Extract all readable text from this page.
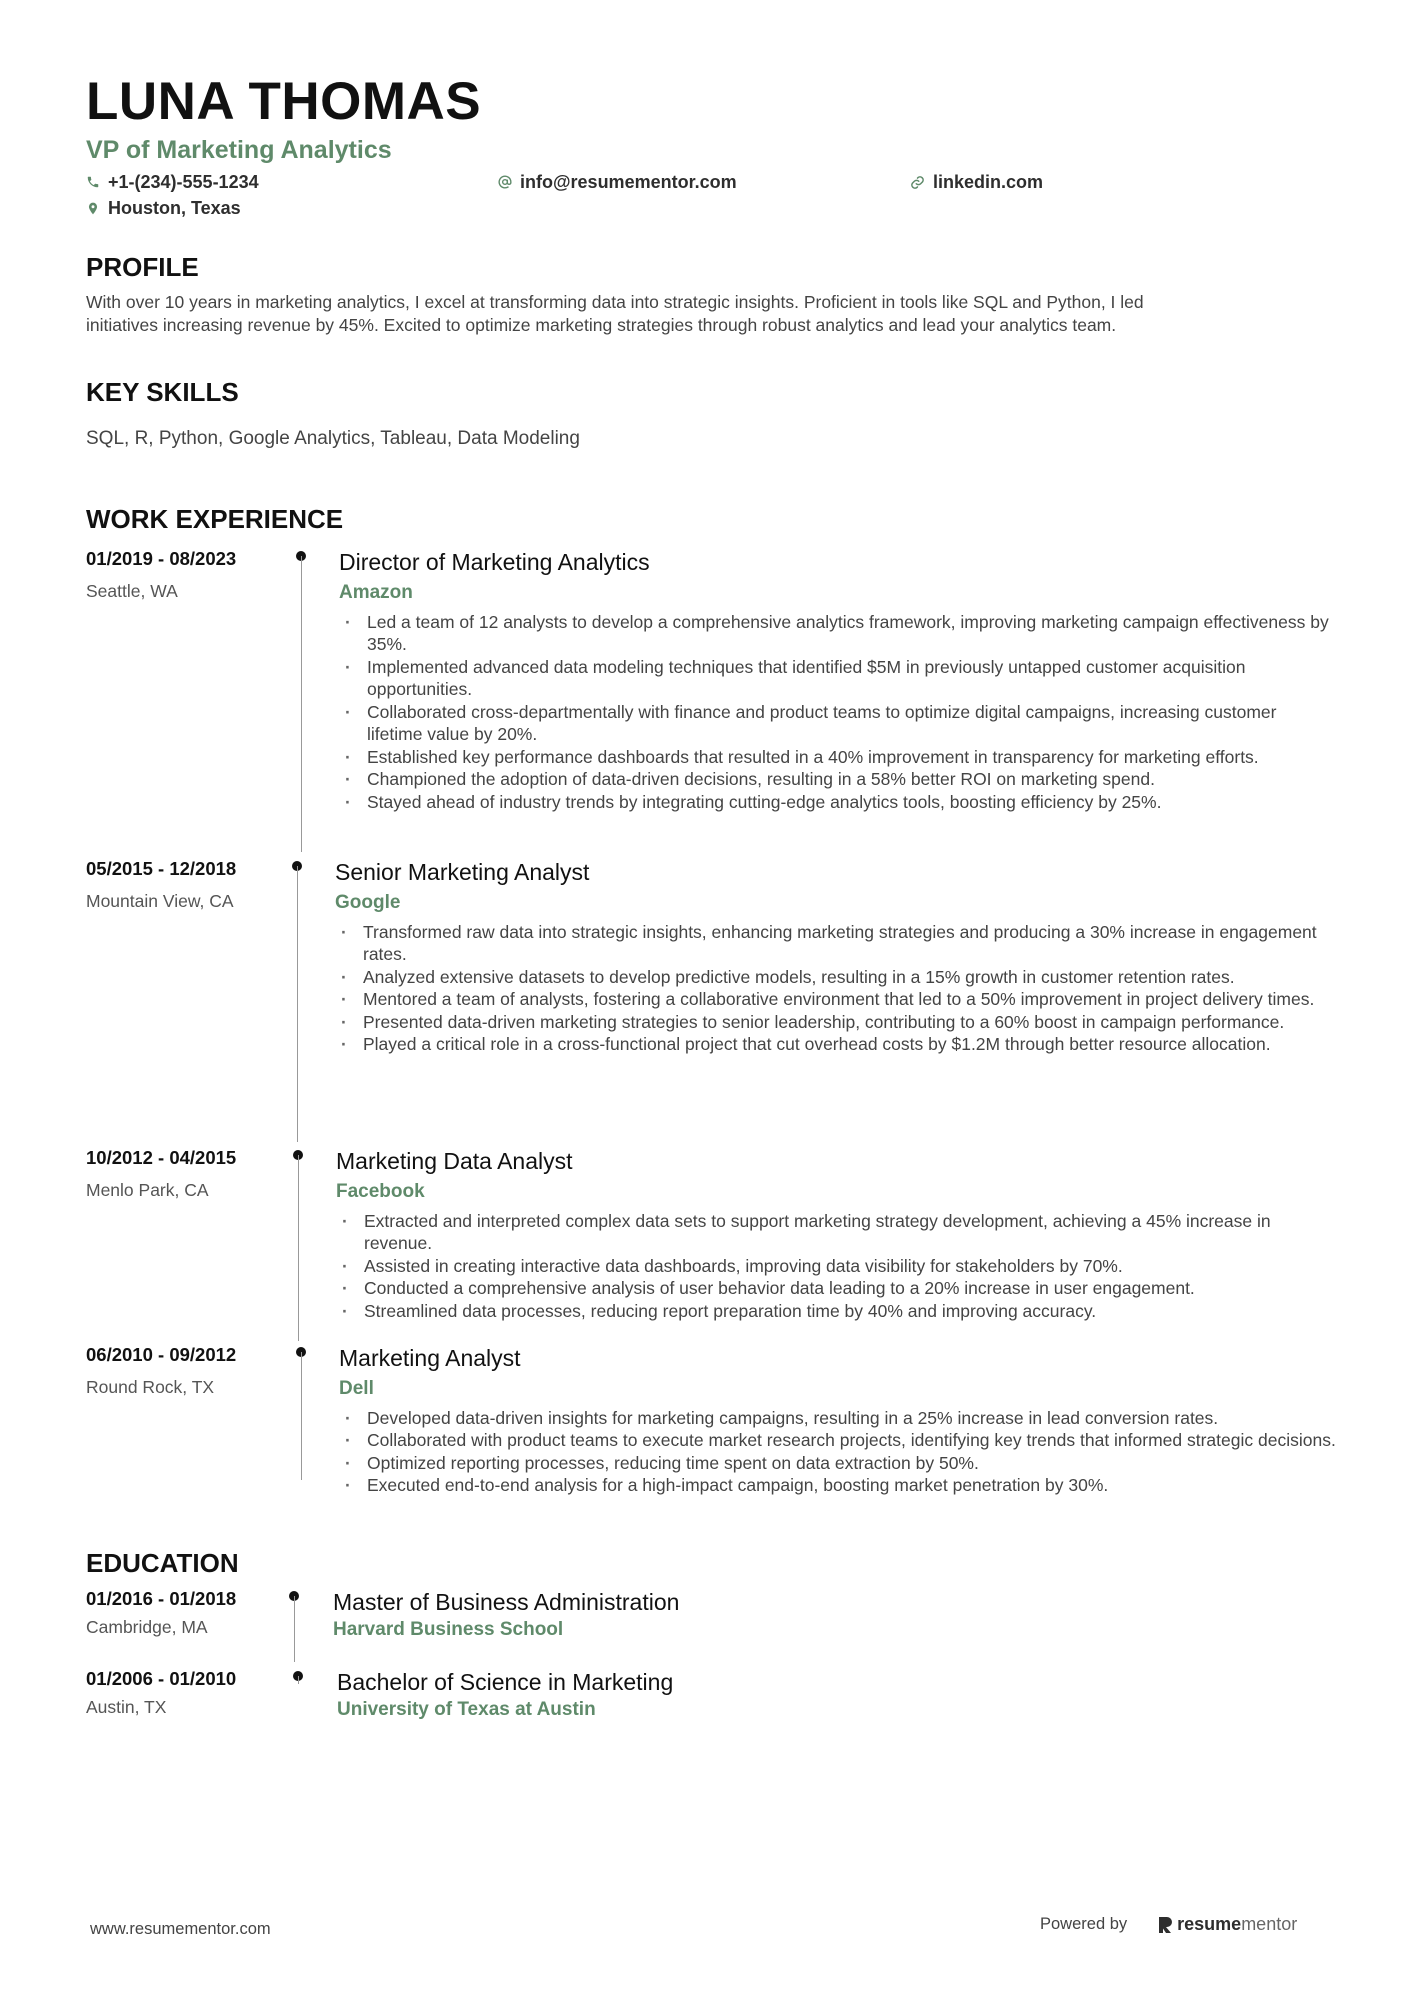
LUNA THOMAS
VP of Marketing Analytics
+1-(234)-555-1234	info@resumementor.com	linkedin.com
Houston, Texas
PROFILE
With over 10 years in marketing analytics, I excel at transforming data into strategic insights. Proficient in tools like SQL and Python, I led
initiatives increasing revenue by 45%. Excited to optimize marketing strategies through robust analytics and lead your analytics team.
KEY SKILLS
SQL, R, Python, Google Analytics, Tableau, Data Modeling
WORK EXPERIENCE
01/2019 - 08/2023
Seattle, WA
Director of Marketing Analytics
Amazon
· Led a team of 12 analysts to develop a comprehensive analytics framework, improving marketing campaign effectiveness by 35%.
· Implemented advanced data modeling techniques that identified $5M in previously untapped customer acquisition opportunities.
· Collaborated cross-departmentally with finance and product teams to optimize digital campaigns, increasing customer lifetime value by 20%.
· Established key performance dashboards that resulted in a 40% improvement in transparency for marketing efforts.
· Championed the adoption of data-driven decisions, resulting in a 58% better ROI on marketing spend.
· Stayed ahead of industry trends by integrating cutting-edge analytics tools, boosting efficiency by 25%.
05/2015 - 12/2018
Mountain View, CA
Senior Marketing Analyst
Google
· Transformed raw data into strategic insights, enhancing marketing strategies and producing a 30% increase in engagement rates.
· Analyzed extensive datasets to develop predictive models, resulting in a 15% growth in customer retention rates.
· Mentored a team of analysts, fostering a collaborative environment that led to a 50% improvement in project delivery times.
· Presented data-driven marketing strategies to senior leadership, contributing to a 60% boost in campaign performance.
· Played a critical role in a cross-functional project that cut overhead costs by $1.2M through better resource allocation.
10/2012 - 04/2015
Menlo Park, CA
Marketing Data Analyst
Facebook
· Extracted and interpreted complex data sets to support marketing strategy development, achieving a 45% increase in revenue.
· Assisted in creating interactive data dashboards, improving data visibility for stakeholders by 70%.
· Conducted a comprehensive analysis of user behavior data leading to a 20% increase in user engagement.
· Streamlined data processes, reducing report preparation time by 40% and improving accuracy.
06/2010 - 09/2012
Round Rock, TX
Marketing Analyst
Dell
· Developed data-driven insights for marketing campaigns, resulting in a 25% increase in lead conversion rates.
· Collaborated with product teams to execute market research projects, identifying key trends that informed strategic decisions.
· Optimized reporting processes, reducing time spent on data extraction by 50%.
· Executed end-to-end analysis for a high-impact campaign, boosting market penetration by 30%.
EDUCATION
01/2016 - 01/2018
Cambridge, MA
Master of Business Administration
Harvard Business School
01/2006 - 01/2010
Austin, TX
Bachelor of Science in Marketing
University of Texas at Austin
www.resumementor.com	Powered by	resume mentor
